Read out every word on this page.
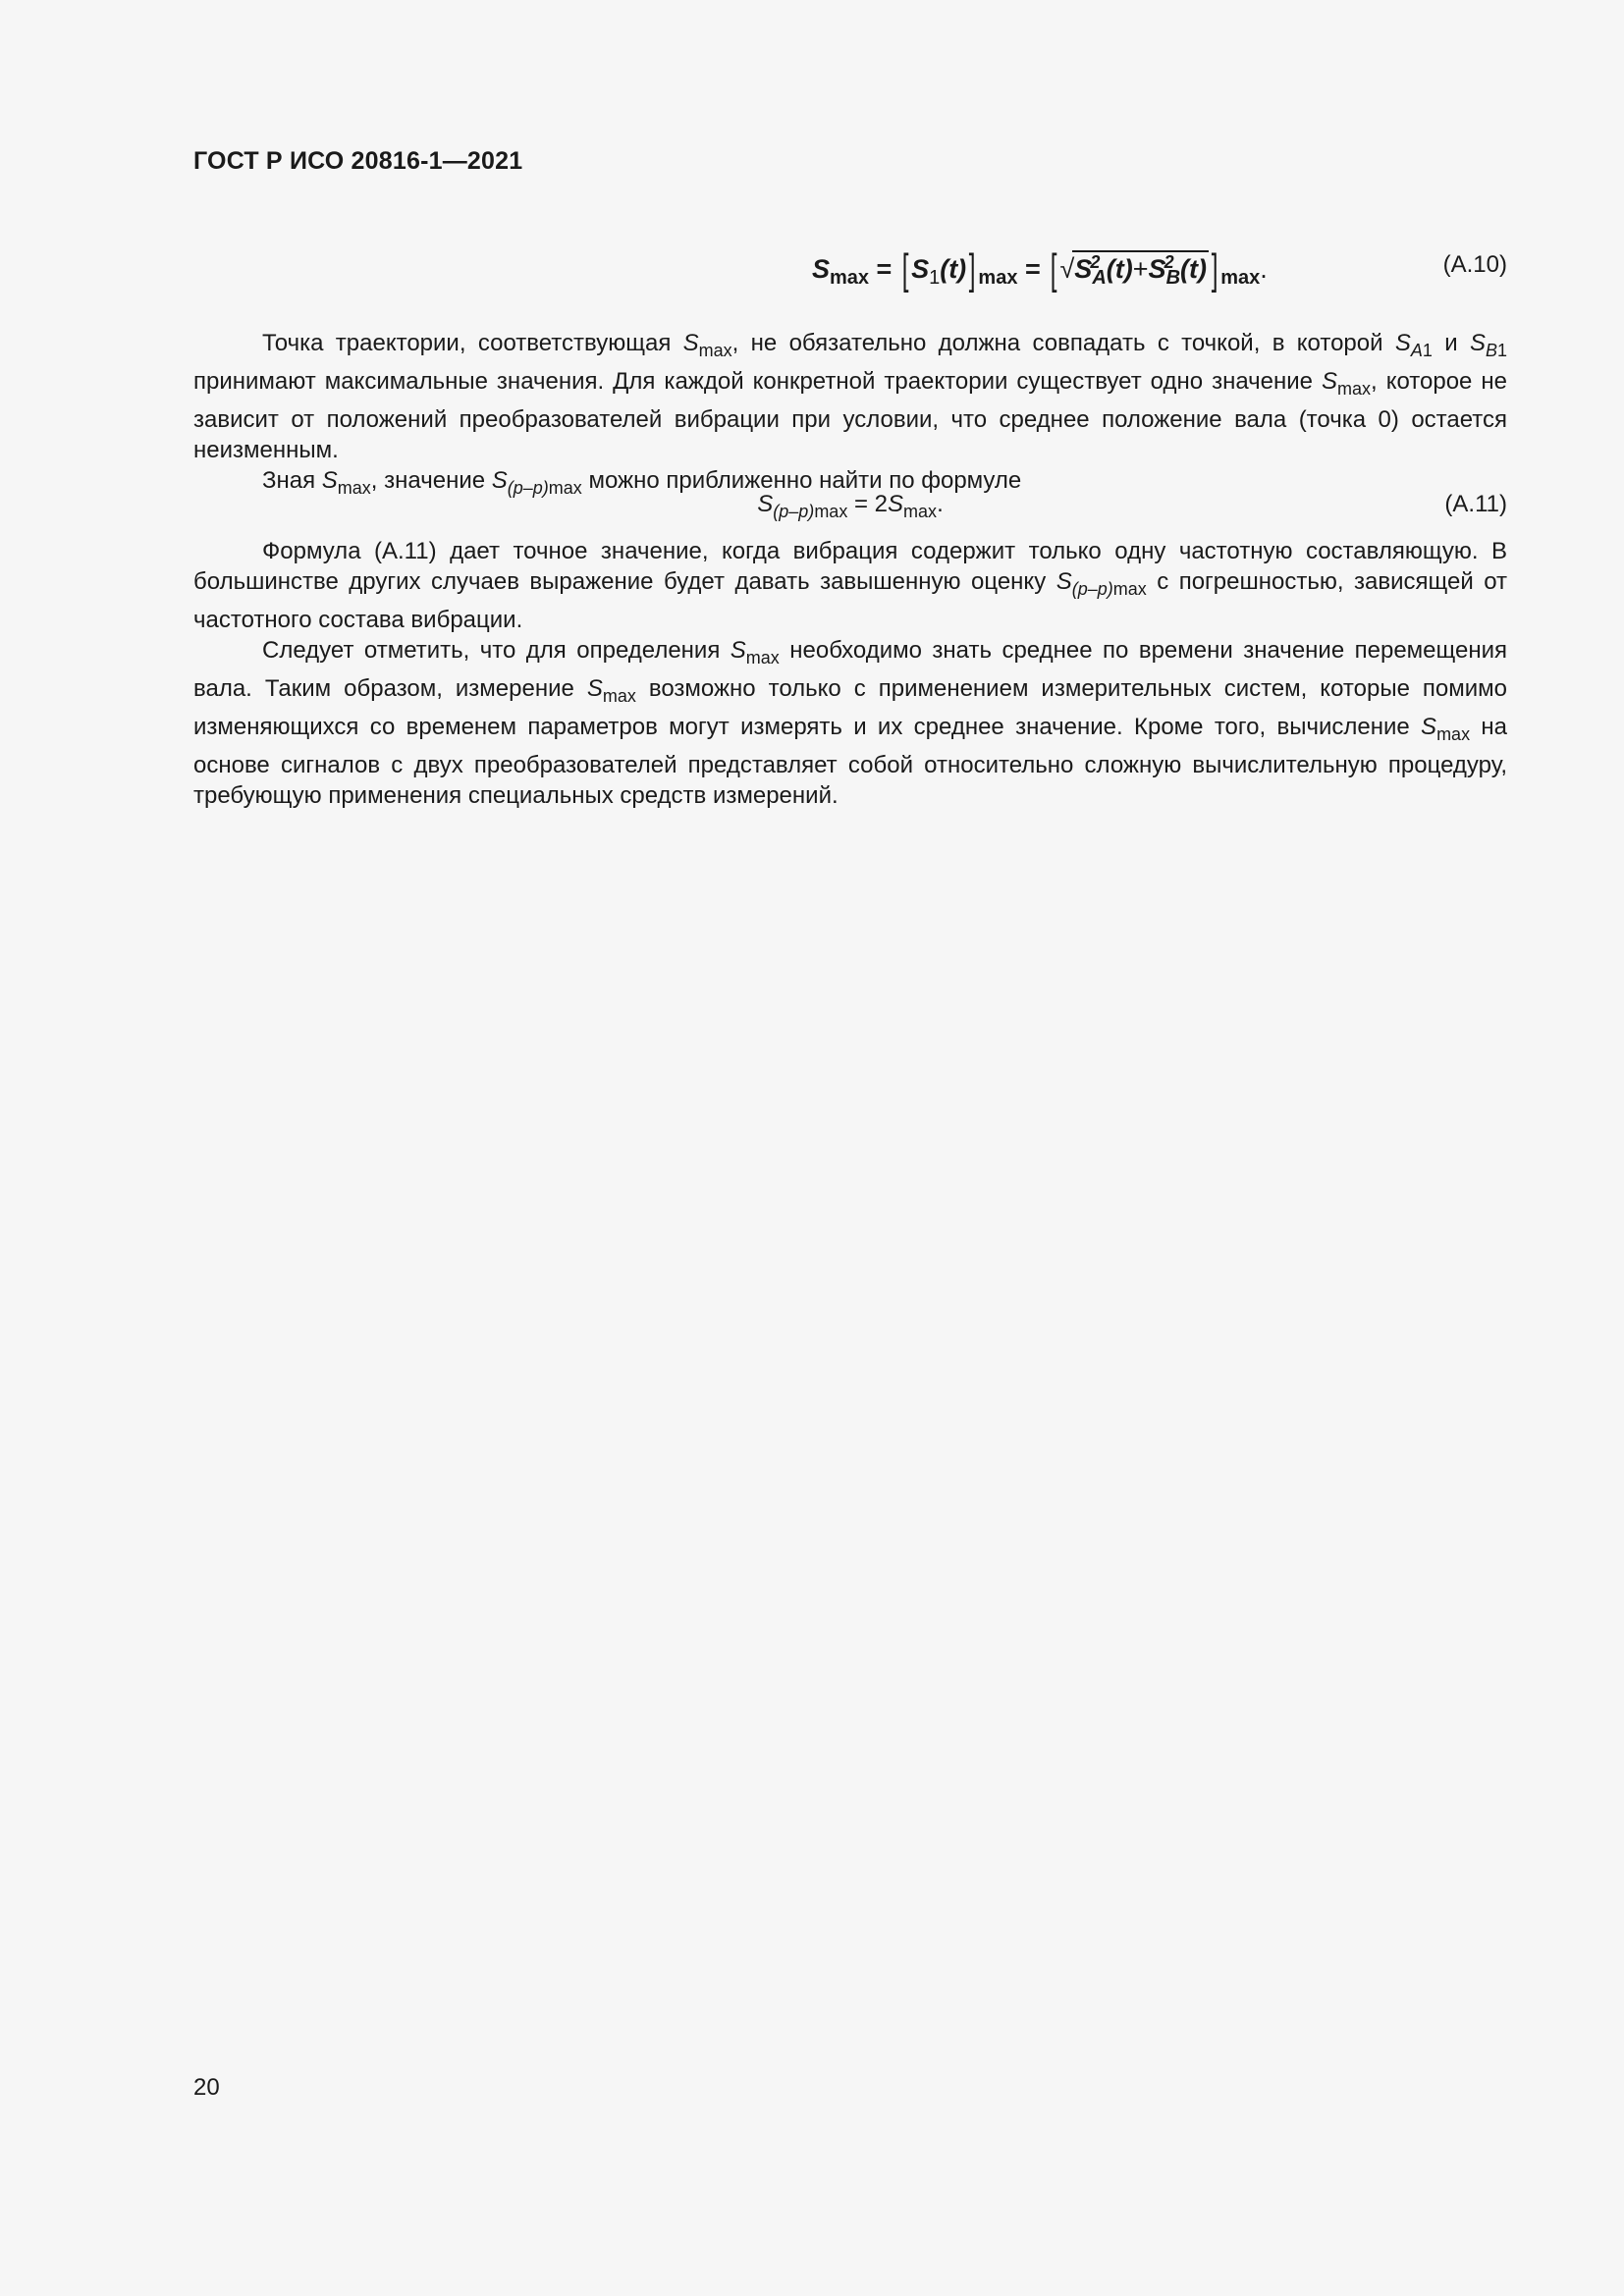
ГОСТ Р ИСО 20816-1—2021
$S_{max}$ = [ $S_1(t)$] $_{max}$ = [ $√S^2_A(t)+S^2_B(t)$ ] $_{max}$.	(A.10)

Точка траектории, соответствующая $S_{max}$, не обязательно должна совпадать с точкой, в которой $S_{A1}$ и $S_{B1}$ принимают максимальные значения. Для каждой конкретной траектории существует одно значение $S_{max}$, которое не зависит от положений преобразователей вибрации при условии, что среднее положение вала (точка 0) остается неизменным.

Зная $S_{max}$, значение $S_{(p-p)max}$ можно приближенно найти по формуле

$S_{(p-p)max} = 2S_{max}$.	(A.11)

Формула (A.11) дает точное значение, когда вибрация содержит только одну частотную составляющую. В большинстве других случаев выражение будет давать завышенную оценку $S_{(p-p)max}$ с погрешностью, зависящей от частотного состава вибрации.

Следует отметить, что для определения $S_{max}$ необходимо знать среднее по времени значение перемещения вала. Таким образом, измерение $S_{max}$ возможно только с применением измерительных систем, которые помимо изменяющихся со временем параметров могут измерять и их среднее значение. Кроме того, вычисление $S_{max}$ на основе сигналов с двух преобразователей представляет собой относительно сложную вычислительную процедуру, требующую применения специальных средств измерений.

20
